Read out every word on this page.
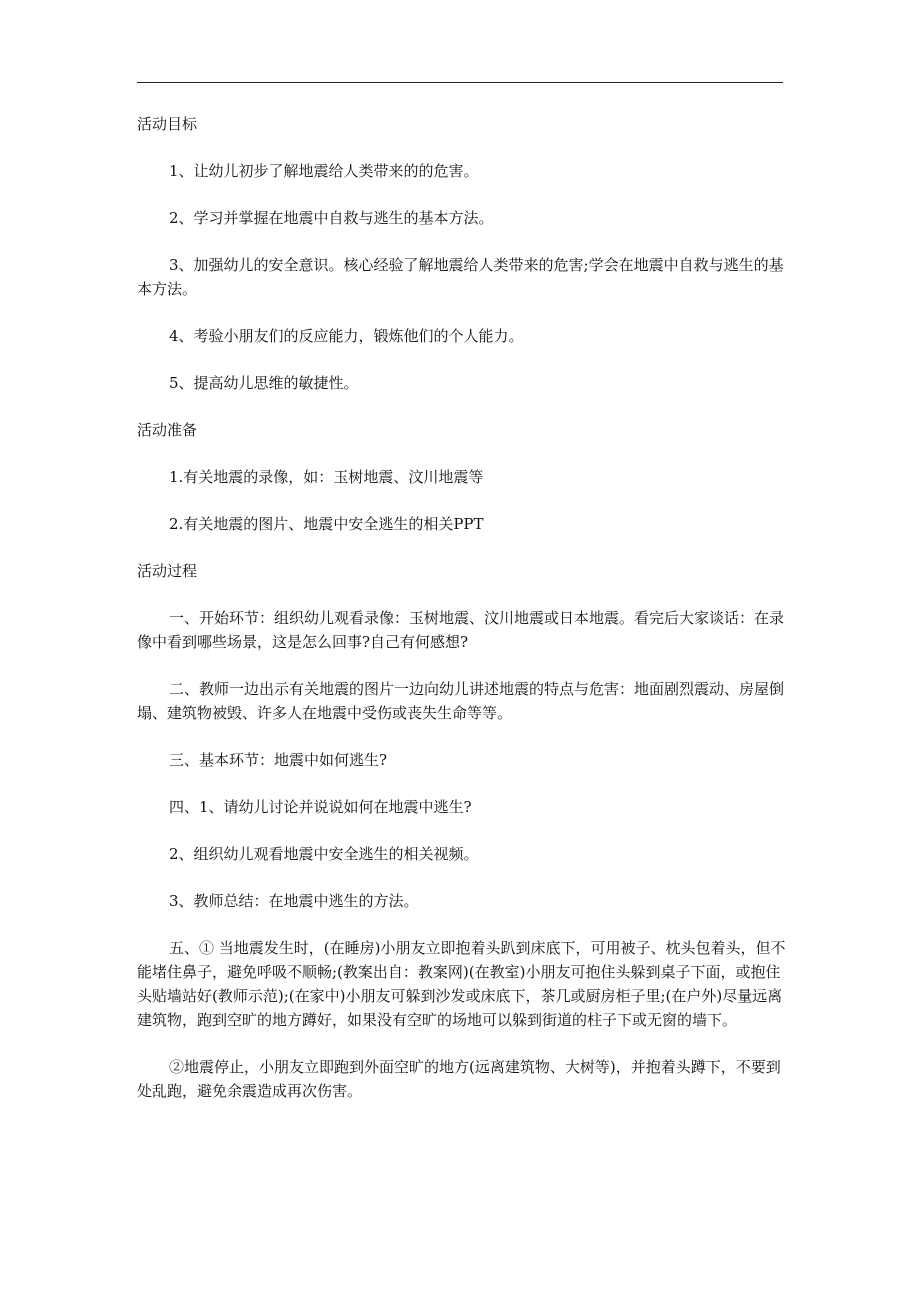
活动目标
1、让幼儿初步了解地震给人类带来的的危害。
2、学习并掌握在地震中自救与逃生的基本方法。
3、加强幼儿的安全意识。核心经验了解地震给人类带来的危害;学会在地震中自救与逃生的基本方法。
4、考验小朋友们的反应能力，锻炼他们的个人能力。
5、提高幼儿思维的敏捷性。
活动准备
1.有关地震的录像，如：玉树地震、汶川地震等
2.有关地震的图片、地震中安全逃生的相关PPT
活动过程
一、开始环节：组织幼儿观看录像：玉树地震、汶川地震或日本地震。看完后大家谈话：在录像中看到哪些场景，这是怎么回事?自己有何感想?
二、教师一边出示有关地震的图片一边向幼儿讲述地震的特点与危害：地面剧烈震动、房屋倒塌、建筑物被毁、许多人在地震中受伤或丧失生命等等。
三、基本环节：地震中如何逃生?
四、1、请幼儿讨论并说说如何在地震中逃生?
2、组织幼儿观看地震中安全逃生的相关视频。
3、教师总结：在地震中逃生的方法。
五、① 当地震发生时，(在睡房)小朋友立即抱着头趴到床底下，可用被子、枕头包着头，但不能堵住鼻子，避免呼吸不顺畅;(教案出自：教案网)(在教室)小朋友可抱住头躲到桌子下面，或抱住头贴墙站好(教师示范);(在家中)小朋友可躲到沙发或床底下，茶几或厨房柜子里;(在户外)尽量远离建筑物，跑到空旷的地方蹲好，如果没有空旷的场地可以躲到街道的柱子下或无窗的墙下。
②地震停止，小朋友立即跑到外面空旷的地方(远离建筑物、大树等)，并抱着头蹲下，不要到处乱跑，避免余震造成再次伤害。
